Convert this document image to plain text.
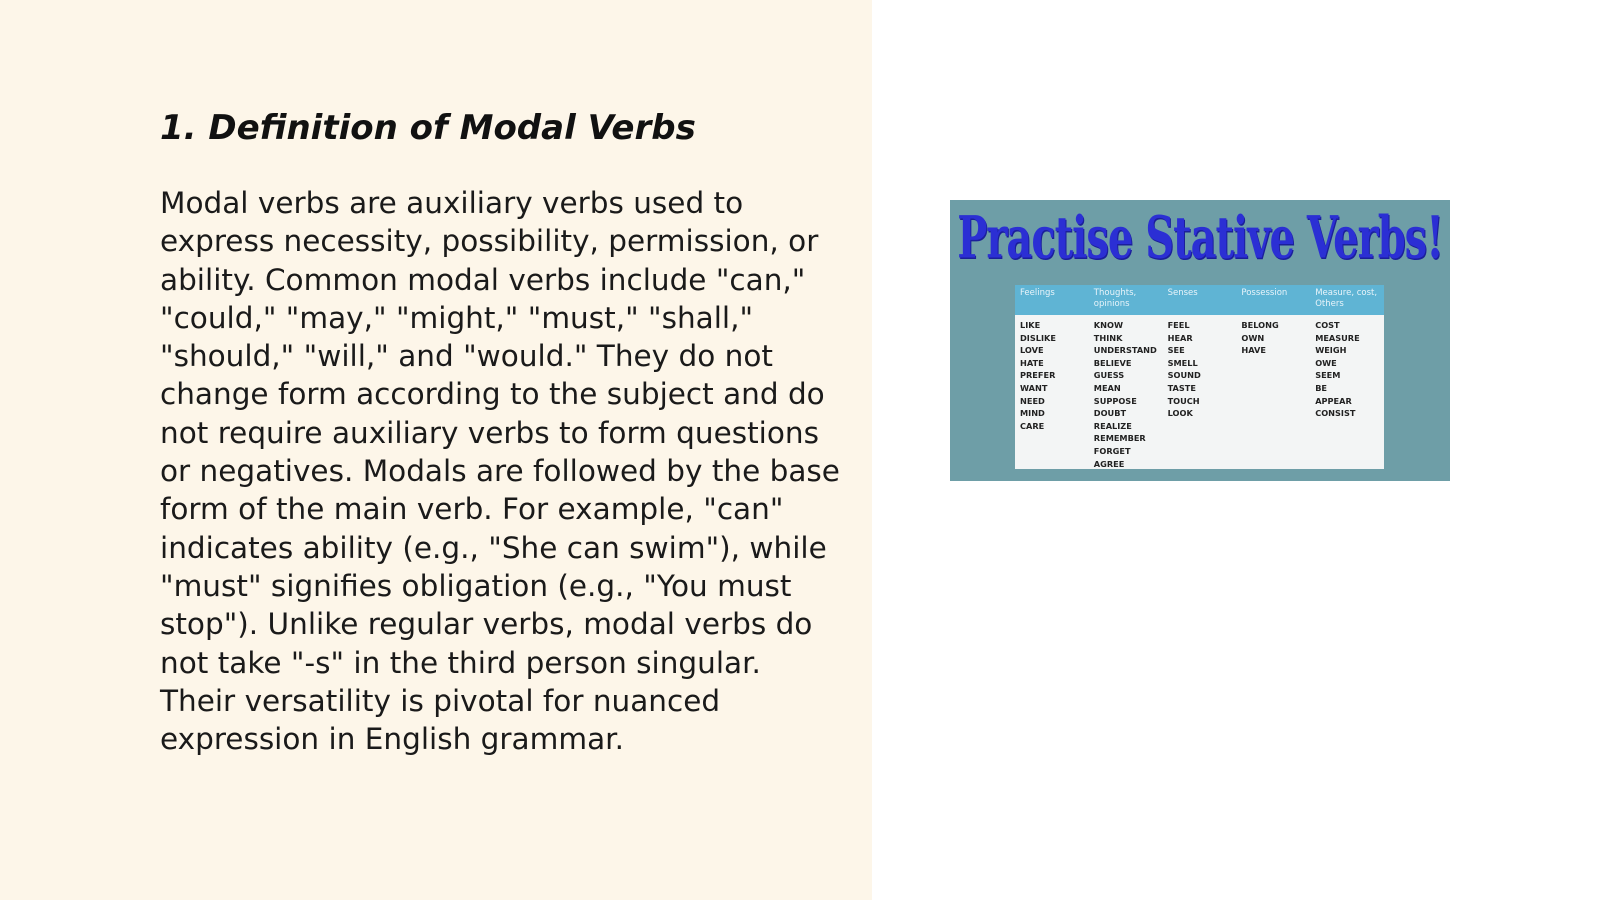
1. Definition of Modal Verbs

Modal verbs are auxiliary verbs used to express necessity, possibility, permission, or ability. Common modal verbs include "can," "could," "may," "might," "must," "shall," "should," "will," and "would." They do not change form according to the subject and do not require auxiliary verbs to form questions or negatives. Modals are followed by the base form of the main verb. For example, "can" indicates ability (e.g., "She can swim"), while "must" signifies obligation (e.g., "You must stop"). Unlike regular verbs, modal verbs do not take "-s" in the third person singular. Their versatility is pivotal for nuanced expression in English grammar.

Practise Stative Verbs!
Feelings
LIKE
DISLIKE
LOVE
HATE
PREFER
WANT
NEED
MIND
CARE
Thoughts, opinions
KNOW
THINK
UNDERSTAND
BELIEVE
GUESS
MEAN
SUPPOSE
DOUBT
REALIZE
REMEMBER
FORGET
AGREE
Senses
FEEL
HEAR
SEE
SMELL
SOUND
TASTE
TOUCH
LOOK
Possession
BELONG
OWN
HAVE
Measure, cost, Others
COST
MEASURE
WEIGH
OWE
SEEM
BE
APPEAR
CONSIST
